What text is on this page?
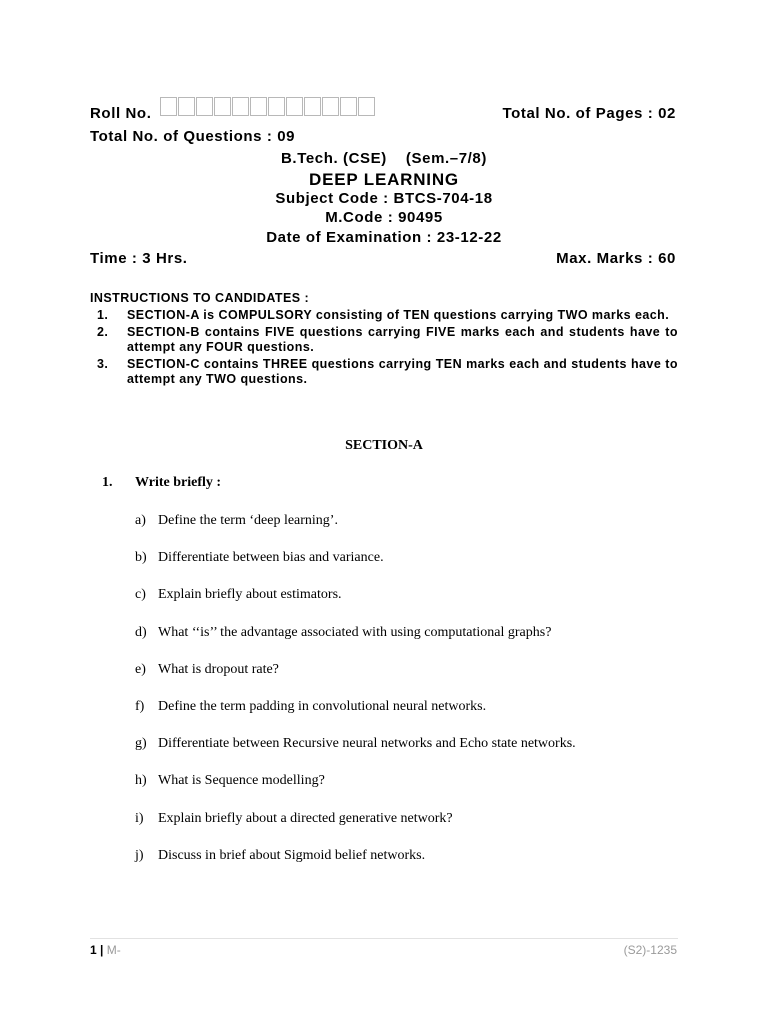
Roll No.	Total No. of Pages : 02
Total No. of Questions : 09
B.Tech. (CSE)    (Sem.–7/8)
DEEP LEARNING
Subject Code : BTCS-704-18
M.Code : 90495
Date of Examination : 23-12-22
Time : 3 Hrs.	Max. Marks : 60
INSTRUCTIONS TO CANDIDATES :
1.	SECTION-A is COMPULSORY consisting of TEN questions carrying TWO marks each.
2.	SECTION-B contains FIVE questions carrying FIVE marks each and students have to attempt any FOUR questions.
3.	SECTION-C contains THREE questions carrying TEN marks each and students have to attempt any TWO questions.
SECTION-A
1. Write briefly :
a) Define the term ‘deep learning’.
b) Differentiate between bias and variance.
c) Explain briefly about estimators.
d) What ‘‘is’’ the advantage associated with using computational graphs?
e) What is dropout rate?
f) Define the term padding in convolutional neural networks.
g) Differentiate between Recursive neural networks and Echo state networks.
h) What is Sequence modelling?
i)	Explain briefly about a directed generative network?
j)	Discuss in brief about Sigmoid belief networks.
1 | M-	(S2)-1235
